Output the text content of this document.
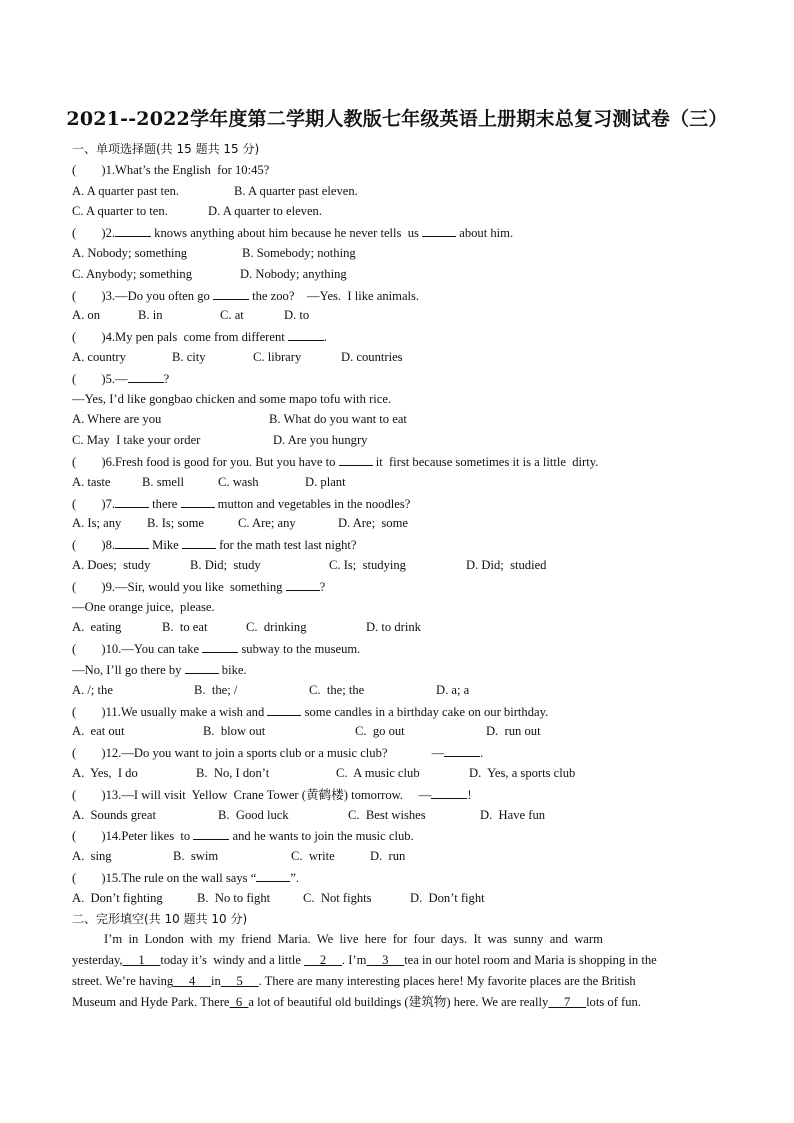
2021--2022学年度第二学期人教版七年级英语上册期末总复习测试卷（三）
一、单项选择题(共 15 题共 15 分)
(        )1.What’s the English  for 10:45?

A. A quarter past ten.

	B. A quarter past eleven.

C. A quarter to ten.

	D. A quarter to eleven.

(        )2.	knows anything about him because he never tells  us	about him.

A. Nobody; something

	B. Somebody; nothing

C. Anybody; something

	D. Nobody; anything

(        )3.—Do you often go	the zoo?    —Yes.  I like animals.

A. on

	B. in

	C. at

	D. to

(        )4.My pen pals  come from different	.

A. country

	B. city

	C. library

	D. countries

(        )5.—	?
—Yes, I’d like gongbao chicken and some mapo tofu with rice.

A. Where are you

	B. What do you want to eat

C. May  I take your order

	D. Are you hungry

(        )6.Fresh food is good for you. But you have to	it  first because sometimes it is a little  dirty.

A. taste

	B. smell

	C. wash

	D. plant

(        )7.	there	mutton and vegetables in the noodles?

A. Is; any

B. Is; some

	C. Are; any

	D. Are;  some

(        )8.	Mike	for the math test last night?

A. Does;  study

	B. Did;  study

	C. Is;  studying

	D. Did;  studied

(        )9.—Sir, would you like  something	?
—One orange juice,  please.

A.  eating

	B.  to eat

	C.  drinking

	D. to drink

(        )10.—You can take	subway to the museum.
—No, I’ll go there by	bike.

A. /; the

	B.  the; /

	C.  the; the

	D. a; a

(        )11.We usually make a wish and	some candles in a birthday cake on our birthday.

A.  eat out

	B.  blow out

	C.  go out

	D.  run out

(        )12.—Do you want to join a sports club or a music club?              —	.

A.  Yes,  I do

	B.  No, I don’t

	C.  A music club

	D.  Yes, a sports club

(        )13.—I will visit  Yellow  Crane Tower (黄鹤楼) tomorrow.     —	!

A.  Sounds great

	B.  Good luck

	C.  Best wishes

	D.  Have fun

(        )14.Peter likes  to	and he wants to join the music club.

A.  sing

	B.  swim

	C.  write

	D.  run

(        )15.The rule on the wall says “	”.

A.  Don’t fighting

	B.  No to fight

	C.  Not fights

	D.  Don’t fight

二、完形填空(共 10 题共 10 分)
I’m  in  London  with  my  friend  Maria.  We  live  here  for  four  days.  It  was  sunny  and  warm
yesterday,     1     today it’s  windy and a little      2     . I’m     3     tea in our hotel room and Maria is shopping in the
street. We’re having     4     in     5     . There are many interesting places here! My favorite places are the British
Museum and Hyde Park. There  6  a lot of beautiful old buildings (建筑物) here. We are really     7     lots of fun.
